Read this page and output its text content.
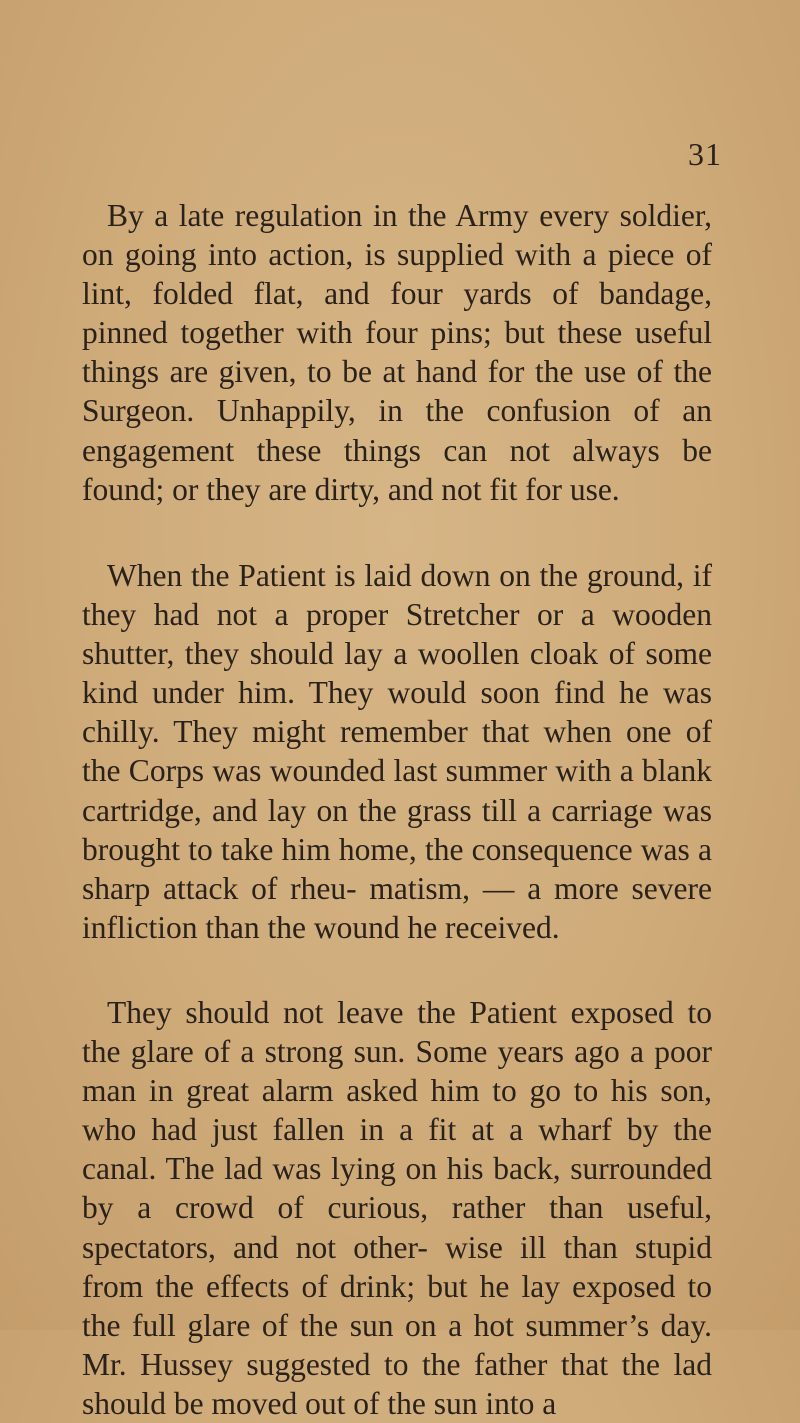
31

By a late regulation in the Army every soldier, on going into action, is supplied with a piece of lint, folded flat, and four yards of bandage, pinned together with four pins; but these useful things are given, to be at hand for the use of the Surgeon. Unhappily, in the confusion of an engagement these things can not always be found; or they are dirty, and not fit for use.

When the Patient is laid down on the ground, if they had not a proper Stretcher or a wooden shutter, they should lay a woollen cloak of some kind under him. They would soon find he was chilly. They might remember that when one of the Corps was wounded last summer with a blank cartridge, and lay on the grass till a carriage was brought to take him home, the consequence was a sharp attack of rheu- matism, — a more severe infliction than the wound he received.

They should not leave the Patient exposed to the glare of a strong sun. Some years ago a poor man in great alarm asked him to go to his son, who had just fallen in a fit at a wharf by the canal. The lad was lying on his back, surrounded by a crowd of curious, rather than useful, spectators, and not other- wise ill than stupid from the effects of drink; but he lay exposed to the full glare of the sun on a hot summer’s day. Mr. Hussey suggested to the father that the lad should be moved out of the sun into a
